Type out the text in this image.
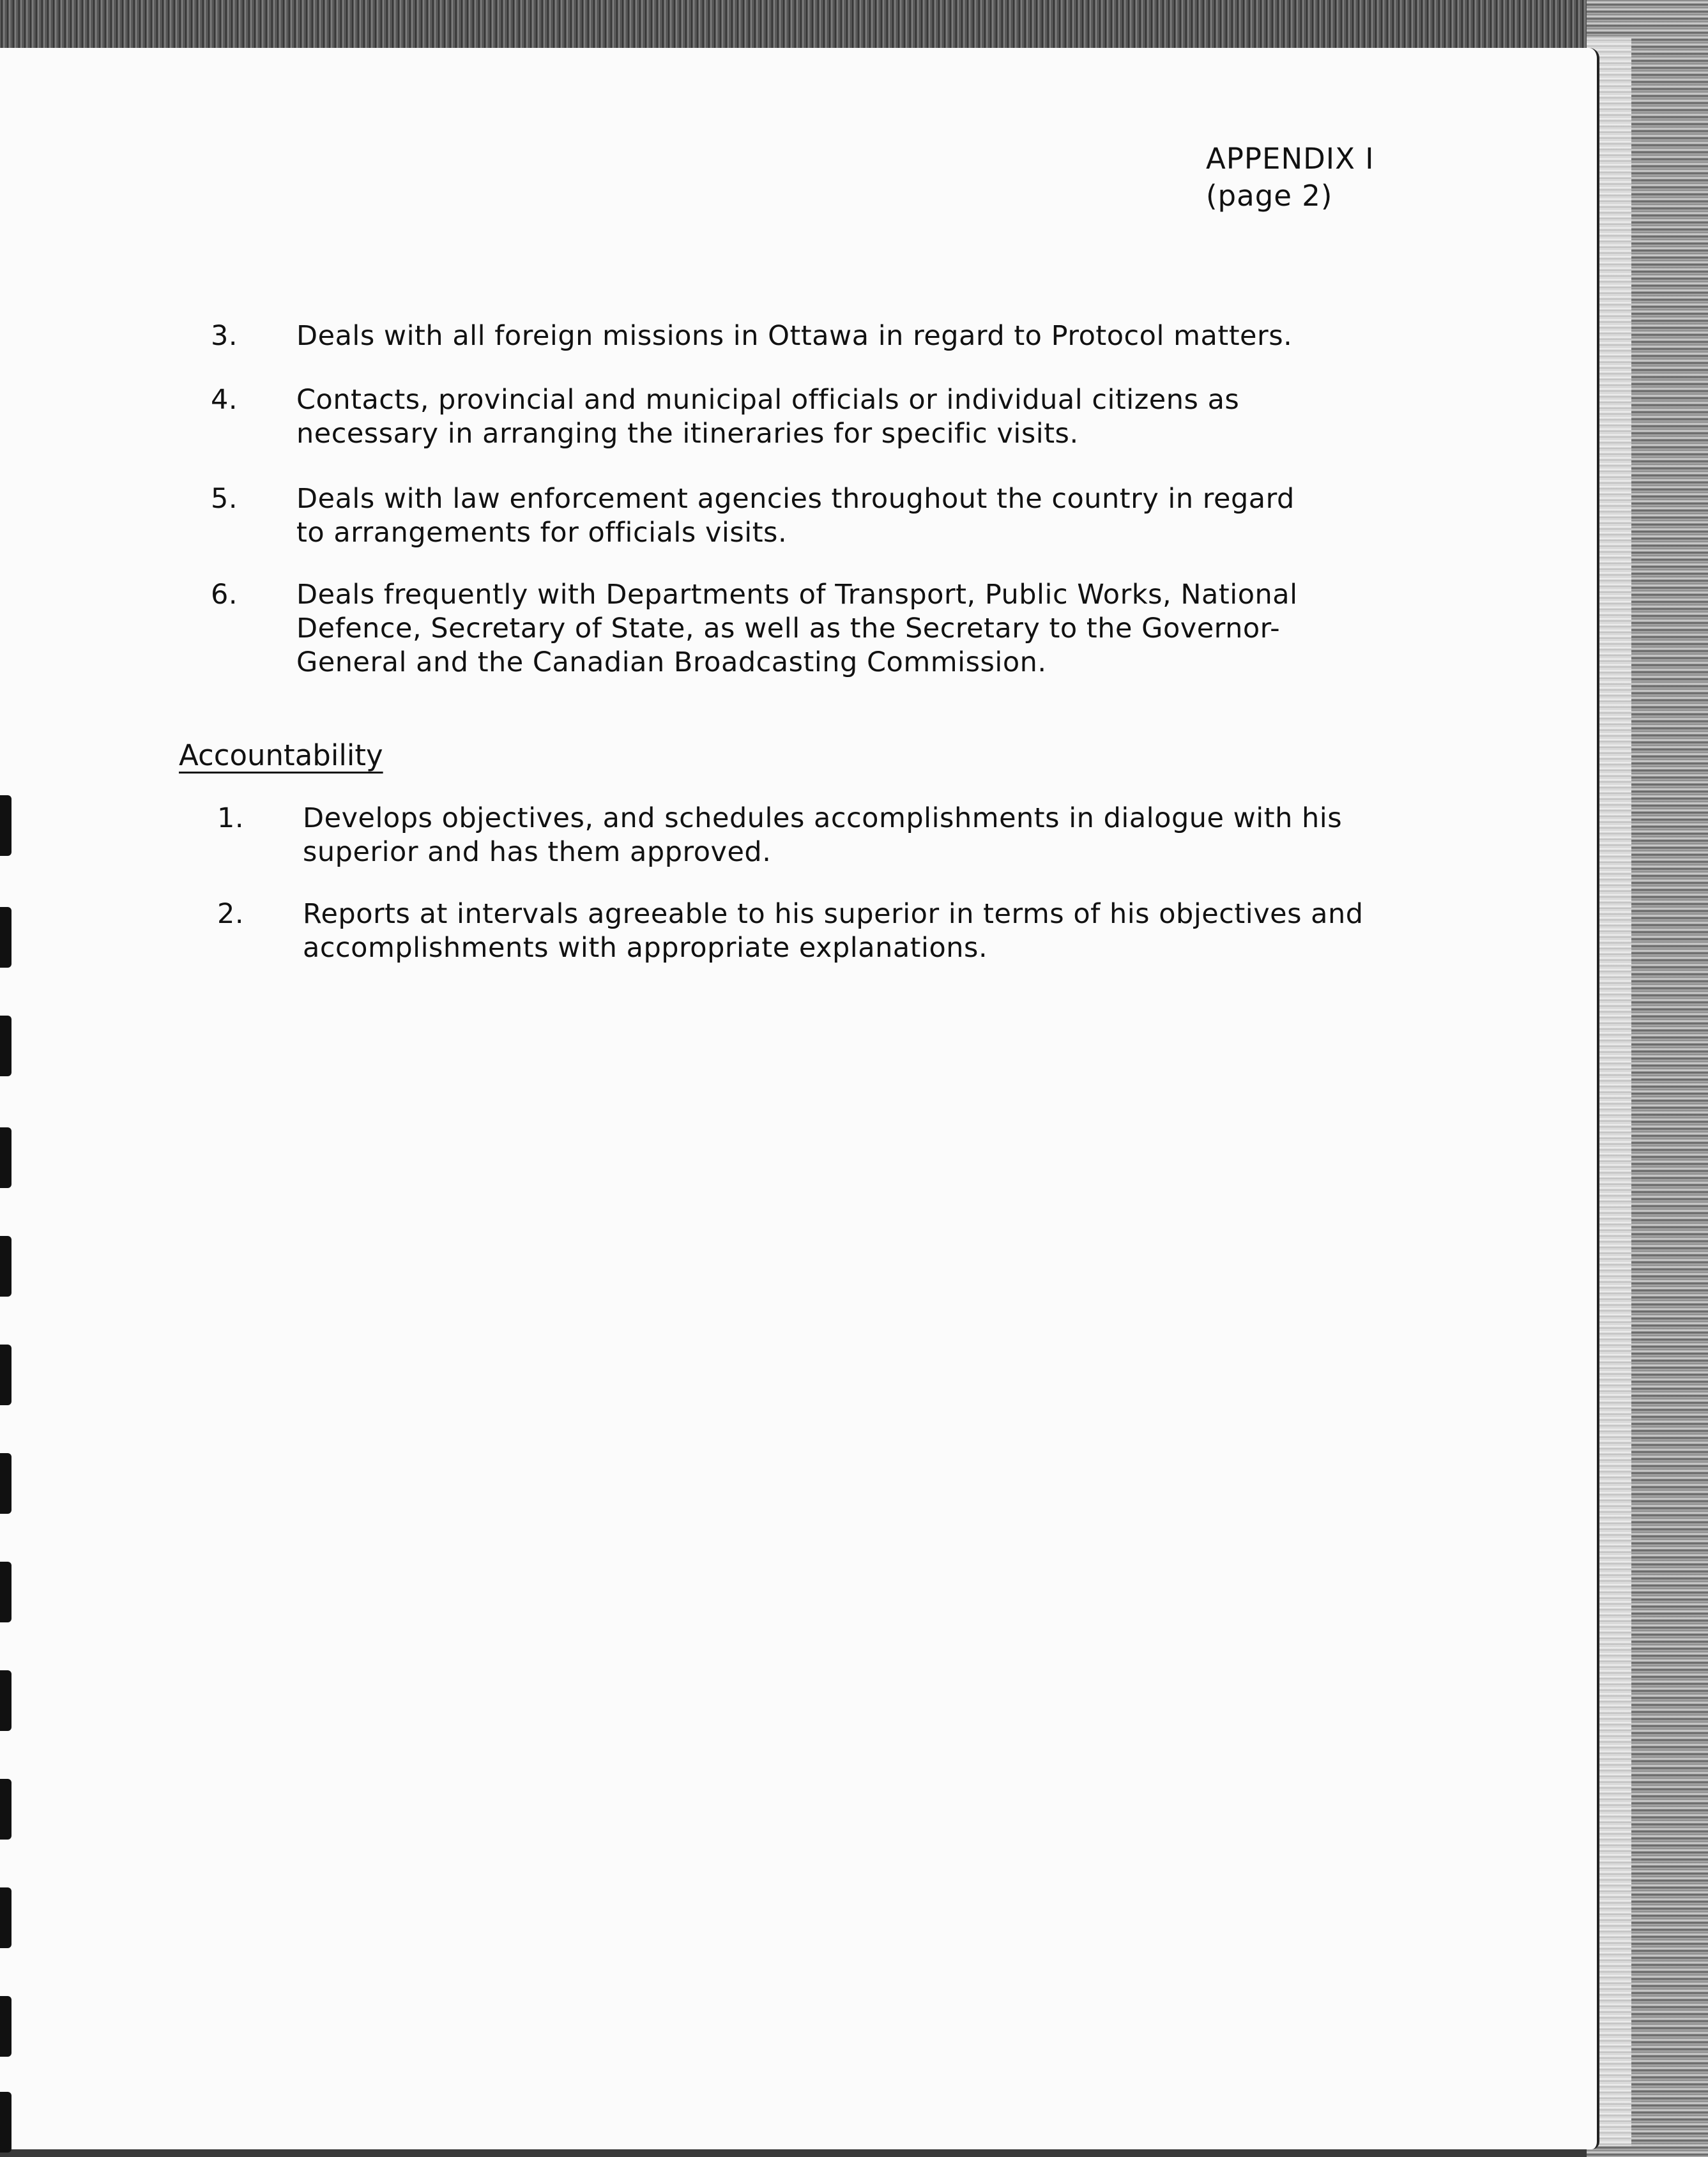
APPENDIX I
(page 2)
3. Deals with all foreign missions in Ottawa in regard to Protocol matters.
4. Contacts, provincial and municipal officials or individual citizens as
necessary in arranging the itineraries for specific visits.
5. Deals with law enforcement agencies throughout the country in regard
to arrangements for officials visits.
6. Deals frequently with Departments of Transport, Public Works, National
Defence, Secretary of State, as well as the Secretary to the Governor-
General and the Canadian Broadcasting Commission.
Accountability
1. Develops objectives, and schedules accomplishments in dialogue with his
superior and has them approved.
2. Reports at intervals agreeable to his superior in terms of his objectives and
accomplishments with appropriate explanations.
